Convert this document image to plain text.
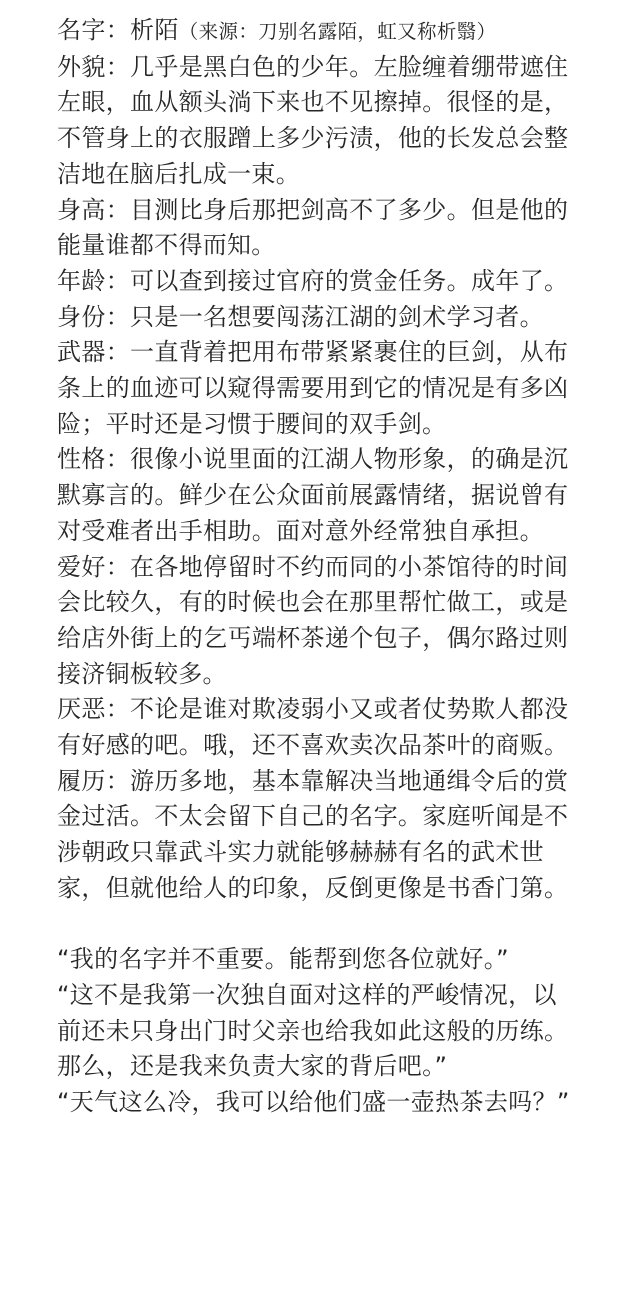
名字：析陌（来源：刀别名露陌，虹又称析翳）
外貌：几乎是黑白色的少年。左脸缠着绷带遮住
左眼，血从额头淌下来也不见擦掉。很怪的是，
不管身上的衣服蹭上多少污渍，他的长发总会整
洁地在脑后扎成一束。
身高：目测比身后那把剑高不了多少。但是他的
能量谁都不得而知。
年龄：可以查到接过官府的赏金任务。成年了。
身份：只是一名想要闯荡江湖的剑术学习者。
武器：一直背着把用布带紧紧裹住的巨剑，从布
条上的血迹可以窥得需要用到它的情况是有多凶
险；平时还是习惯于腰间的双手剑。
性格：很像小说里面的江湖人物形象，的确是沉
默寡言的。鲜少在公众面前展露情绪，据说曾有
对受难者出手相助。面对意外经常独自承担。
爱好：在各地停留时不约而同的小茶馆待的时间
会比较久，有的时候也会在那里帮忙做工，或是
给店外街上的乞丐端杯茶递个包子，偶尔路过则
接济铜板较多。
厌恶：不论是谁对欺凌弱小又或者仗势欺人都没
有好感的吧。哦，还不喜欢卖次品茶叶的商贩。
履历：游历多地，基本靠解决当地通缉令后的赏
金过活。不太会留下自己的名字。家庭听闻是不
涉朝政只靠武斗实力就能够赫赫有名的武术世
家，但就他给人的印象，反倒更像是书香门第。
“我的名字并不重要。能帮到您各位就好。”
“这不是我第一次独自面对这样的严峻情况，以
前还未只身出门时父亲也给我如此这般的历练。
那么，还是我来负责大家的背后吧。”
“天气这么冷，我可以给他们盛一壶热茶去吗？”
